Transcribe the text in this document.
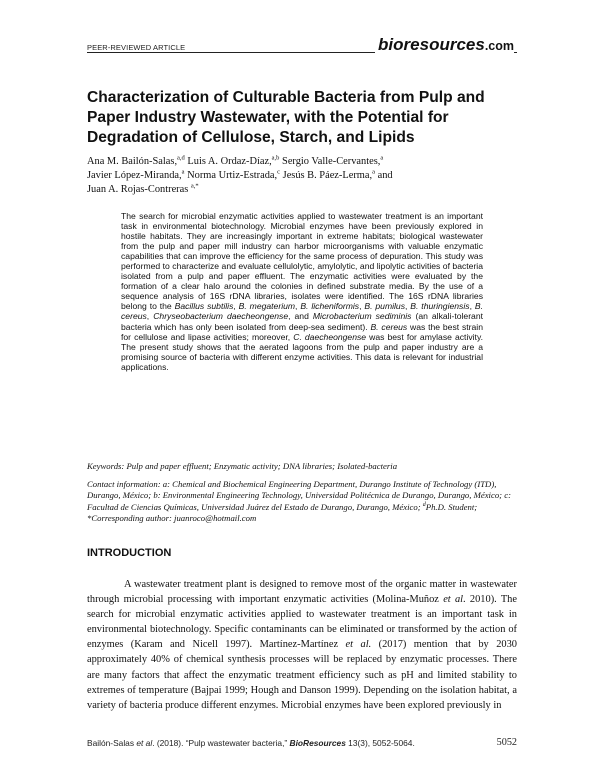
PEER-REVIEWED ARTICLE	bioresources.com
Characterization of Culturable Bacteria from Pulp and Paper Industry Wastewater, with the Potential for Degradation of Cellulose, Starch, and Lipids
Ana M. Bailón-Salas,$^{a,d}$ Luis A. Ordaz-Díaz,$^{a,b}$ Sergio Valle-Cervantes,$^a$
Javier López-Miranda,$^a$ Norma Urtiz-Estrada,$^c$ Jesús B. Páez-Lerma,$^a$ and
Juan A. Rojas-Contreras $^{a,*}$

The search for microbial enzymatic activities applied to wastewater treatment is an important task in environmental biotechnology. Microbial enzymes have been previously explored in hostile habitats. They are increasingly important in extreme habitats; biological wastewater from the pulp and paper mill industry can harbor microorganisms with valuable enzymatic capabilities that can improve the efficiency for the same process of depuration. This study was performed to characterize and evaluate cellulolytic, amylolytic, and lipolytic activities of bacteria isolated from a pulp and paper effluent. The enzymatic activities were evaluated by the formation of a clear halo around the colonies in defined substrate media. By the use of a sequence analysis of 16S rDNA libraries, isolates were identified. The 16S rDNA libraries belong to the Bacillus subtilis, B. megaterium, B. licheniformis, B. pumilus, B. thuringiensis, B. cereus, Chryseobacterium daecheongense, and Microbacterium sediminis (an alkali-tolerant bacteria which has only been isolated from deep-sea sediment). B. cereus was the best strain for cellulose and lipase activities; moreover, C. daecheongense was best for amylase activity. The present study shows that the aerated lagoons from the pulp and paper industry are a promising source of bacteria with different enzyme activities. This data is relevant for industrial applications.

Keywords: Pulp and paper effluent; Enzymatic activity; DNA libraries; Isolated-bacteria
Contact information: a: Chemical and Biochemical Engineering Department, Durango Institute of Technology (ITD), Durango, México; b: Environmental Engineering Technology, Universidad Politécnica de Durango, Durango, México; c: Facultad de Ciencias Químicas, Universidad Juárez del Estado de Durango, Durango, México; $^d$Ph.D. Student; *Corresponding author: juanroco@hotmail.com
INTRODUCTION

A wastewater treatment plant is designed to remove most of the organic matter in wastewater through microbial processing with important enzymatic activities (Molina-Muñoz et al. 2010). The search for microbial enzymatic activities applied to wastewater treatment is an important task in environmental biotechnology. Specific contaminants can be eliminated or transformed by the action of enzymes (Karam and Nicell 1997). Martínez-Martínez et al. (2017) mention that by 2030 approximately 40% of chemical synthesis processes will be replaced by enzymatic processes. There are many factors that affect the enzymatic treatment efficiency such as pH and limited stability to extremes of temperature (Bajpai 1999; Hough and Danson 1999). Depending on the isolation habitat, a variety of bacteria produce different enzymes. Microbial enzymes have been explored previously in

Bailón-Salas et al. (2018). “Pulp wastewater bacteria,” BioResources 13(3), 5052-5064.	5052
